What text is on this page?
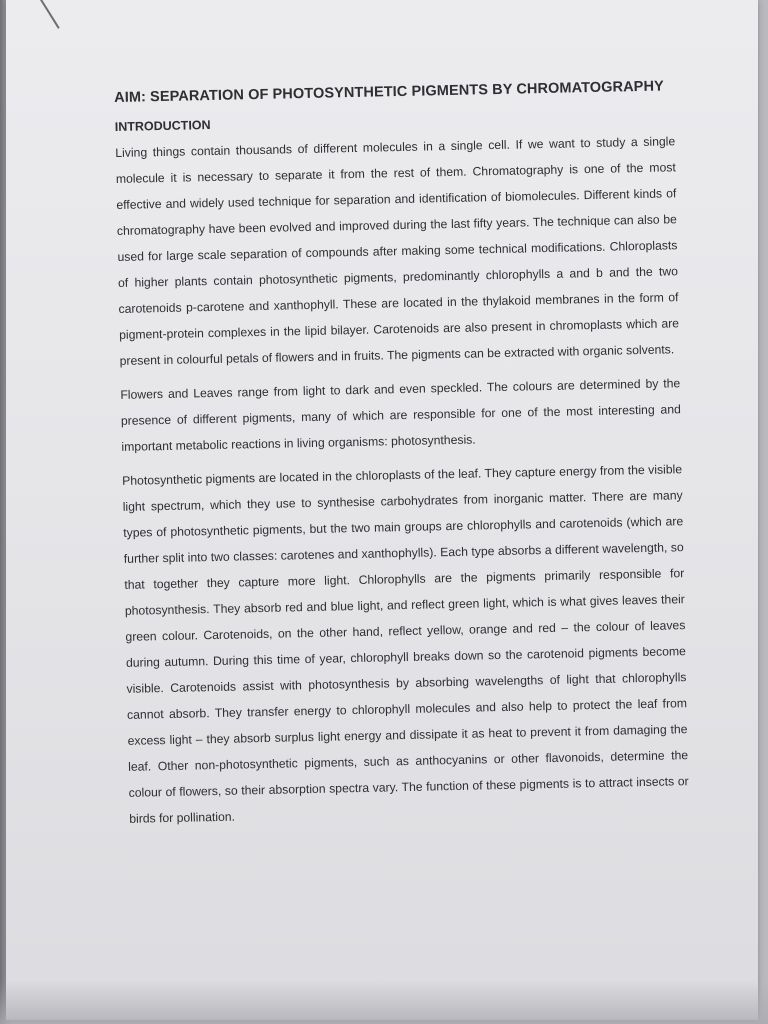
AIM: SEPARATION OF PHOTOSYNTHETIC PIGMENTS BY CHROMATOGRAPHY
INTRODUCTION

Living things contain thousands of different molecules in a single cell. If we want to study a single molecule it is necessary to separate it from the rest of them. Chromatography is one of the most effective and widely used technique for separation and identification of biomolecules. Different kinds of chromatography have been evolved and improved during the last fifty years. The technique can also be used for large scale separation of compounds after making some technical modifications. Chloroplasts of higher plants contain photosynthetic pigments, predominantly chlorophylls a and b and the two carotenoids p-carotene and xanthophyll. These are located in the thylakoid membranes in the form of pigment-protein complexes in the lipid bilayer. Carotenoids are also present in chromoplasts which are present in colourful petals of flowers and in fruits. The pigments can be extracted with organic solvents.

Flowers and Leaves range from light to dark and even speckled. The colours are determined by the presence of different pigments, many of which are responsible for one of the most interesting and important metabolic reactions in living organisms: photosynthesis.

Photosynthetic pigments are located in the chloroplasts of the leaf. They capture energy from the visible light spectrum, which they use to synthesise carbohydrates from inorganic matter. There are many types of photosynthetic pigments, but the two main groups are chlorophylls and carotenoids (which are further split into two classes: carotenes and xanthophylls). Each type absorbs a different wavelength, so that together they capture more light. Chlorophylls are the pigments primarily responsible for photosynthesis. They absorb red and blue light, and reflect green light, which is what gives leaves their green colour. Carotenoids, on the other hand, reflect yellow, orange and red – the colour of leaves during autumn. During this time of year, chlorophyll breaks down so the carotenoid pigments become visible. Carotenoids assist with photosynthesis by absorbing wavelengths of light that chlorophylls cannot absorb. They transfer energy to chlorophyll molecules and also help to protect the leaf from excess light – they absorb surplus light energy and dissipate it as heat to prevent it from damaging the leaf. Other non-photosynthetic pigments, such as anthocyanins or other flavonoids, determine the colour of flowers, so their absorption spectra vary. The function of these pigments is to attract insects or birds for pollination.
